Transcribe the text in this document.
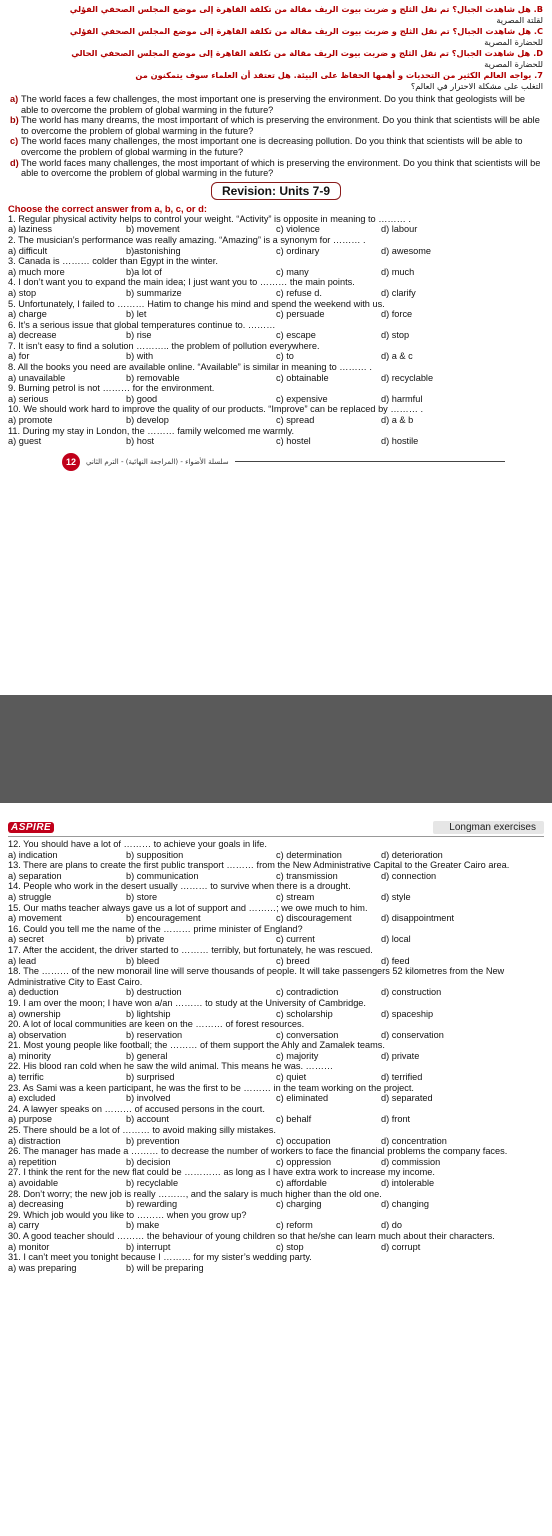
B. هل شاهدت الجبال؟ تم نقل الثلج و ضربت بيوت الريف مقالة من تكلفة القاهرة إلى موضع المجلس الصحفي الفؤلي
لقلتة المصرية
C. هل شاهدت الجبال؟ تم نقل الثلج و ضربت بيوت الريف مقالة من تكلفة القاهرة إلى موضع المجلس الصحفي الفؤلي
للحضارة المصرية
D. هل شاهدت الجبال؟ تم نقل الثلج و ضربت بيوت الريف مقالة من تكلفة القاهرة إلى موضع المجلس الصحفي الحالي
للحضارة المصرية
7. يواجه العالم الكثير من التحديات و أهمها الحفاظ على البيئة. هل تعتقد أن العلماء سوف يتمكنون من
التغلب على مشكلة الاحترار في العالم؟
a) The world faces a few challenges, the most important one is preserving the environment. Do you think that geologists will be able to overcome the problem of global warming in the future?
b) The world has many dreams, the most important of which is preserving the environment. Do you think that scientists will be able to overcome the problem of global warming in the future?
c) The world faces many challenges, the most important one is decreasing pollution. Do you think that scientists will be able to overcome the problem of global warming in the future?
d) The world faces many challenges, the most important of which is preserving the environment. Do you think that scientists will be able to overcome the problem of global warming in the future?
Revision: Units 7-9
Choose the correct answer from a, b, c, or d:
1. Regular physical activity helps to control your weight. “Activity” is opposite in meaning to ……… .
a) laziness	b) movement	c) violence	d) labour
2. The musician’s performance was really amazing. “Amazing” is a synonym for ……… .
a) difficult	b)astonishing	c) ordinary	d) awesome
3. Canada is ……… colder than Egypt in the winter.
a) much more	b)a lot of	c) many	d) much
4. I don’t want you to expand the main idea; I just want you to ……… the main points.
a) stop	b) summarize	c) refuse d.	d) clarify
5. Unfortunately, I failed to ……… Hatim to change his mind and spend the weekend with us.
a) charge	b) let	c) persuade	d) force
6. It’s a serious issue that global temperatures continue to. ………
a) decrease	b) rise	c) escape	d) stop
7. It isn’t easy to find a solution ……….. the problem of pollution everywhere.
a) for	b) with	c) to	d) a & c
8. All the books you need are available online. “Available” is similar in meaning to ……… .
a) unavailable	b) removable	c) obtainable	d) recyclable
9. Burning petrol is not ……… for the environment.
a) serious	b) good	c) expensive	d) harmful
10. We should work hard to improve the quality of our products. “Improve” can be replaced by ……… .
a) promote	b) develop	c) spread	d) a & b
11. During my stay in London, the ……… family welcomed me warmly.
a) guest	b) host	c) hostel	d) hostile
12	سلسلة الأضواء - (المراجعة النهائية) - الترم الثاني
ASPIRE	Longman exercises
12. You should have a lot of ……… to achieve your goals in life.
a) indication	b) supposition	c) determination	d) deterioration
13. There are plans to create the first public transport ……… from the New Administrative Capital to the Greater Cairo area.
a) separation	b) communication	c) transmission	d) connection
14. People who work in the desert usually ……… to survive when there is a drought.
a) struggle	b) store	c) stream	d) style
15. Our maths teacher always gave us a lot of support and ………; we owe much to him.
a) movement	b) encouragement	c) discouragement	d) disappointment
16. Could you tell me the name of the ……… prime minister of England?
a) secret	b) private	c) current	d) local
17. After the accident, the driver started to ……… terribly, but fortunately, he was rescued.
a) lead	b) bleed	c) breed	d) feed
18. The ……… of the new monorail line will serve thousands of people. It will take passengers 52 kilometres from the New Administrative City to East Cairo.
a) deduction	b) destruction	c) contradiction	d) construction
19. I am over the moon; I have won a/an ……… to study at the University of Cambridge.
a) ownership	b) lightship	c) scholarship	d) spaceship
20. A lot of local communities are keen on the ……… of forest resources.
a) observation	b) reservation	c) conversation	d) conservation
21. Most young people like football; the ……… of them support the Ahly and Zamalek teams.
a) minority	b) general	c) majority	d) private
22. His blood ran cold when he saw the wild animal. This means he was. ………
a) terrific	b) surprised	c) quiet	d) terrified
23. As Sami was a keen participant, he was the first to be ……… in the team working on the project.
a) excluded	b) involved	c) eliminated	d) separated
24. A lawyer speaks on ……… of accused persons in the court.
a) purpose	b) account	c) behalf	d) front
25. There should be a lot of ……… to avoid making silly mistakes.
a) distraction	b) prevention	c) occupation	d) concentration
26. The manager has made a ……… to decrease the number of workers to face the financial problems the company faces.
a) repetition	b) decision	c) oppression	d) commission
27. I think the rent for the new flat could be ………… as long as I have extra work to increase my income.
a) avoidable	b) recyclable	c) affordable	d) intolerable
28. Don’t worry; the new job is really ………, and the salary is much higher than the old one.
a) decreasing	b) rewarding	c) charging	d) changing
29. Which job would you like to ……… when you grow up?
a) carry	b) make	c) reform	d) do
30. A good teacher should ……… the behaviour of young children so that he/she can learn much about their characters.
a) monitor	b) interrupt	c) stop	d) corrupt
31. I can’t meet you tonight because I ……… for my sister’s wedding party.
a) was preparing	b) will be preparing
